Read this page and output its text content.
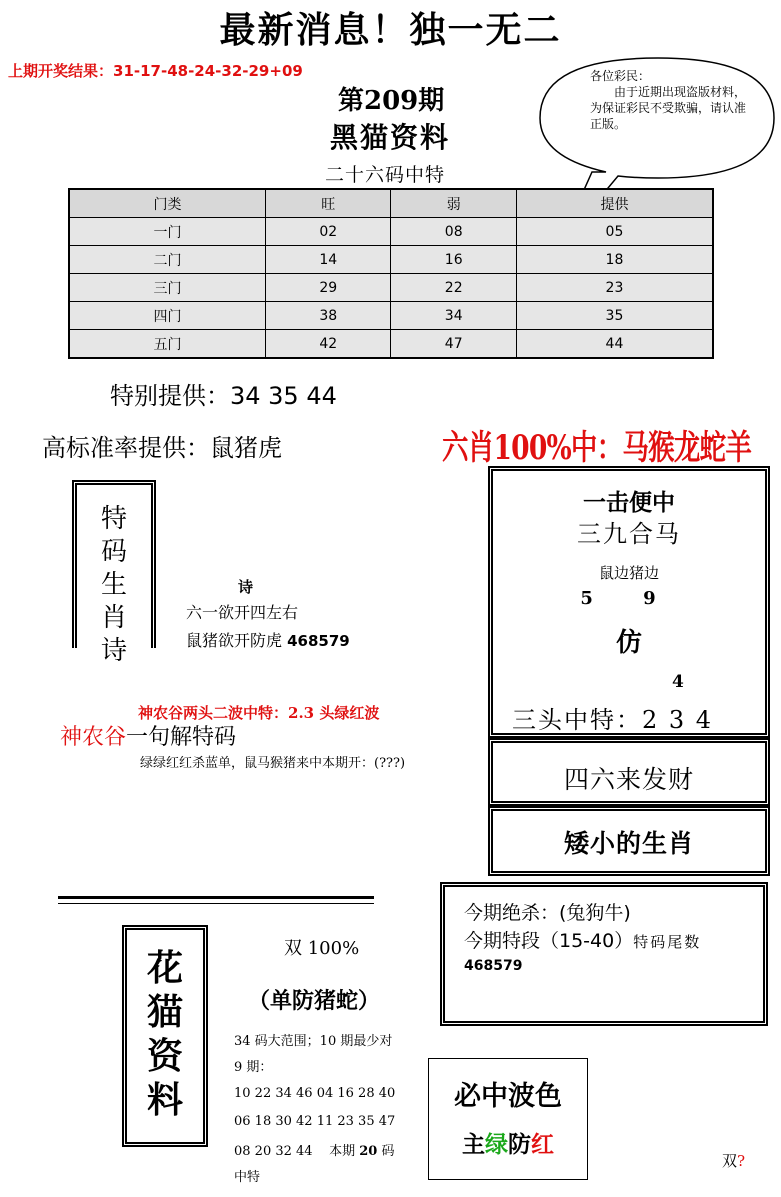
最新消息！独一无二
上期开奖结果：31-17-48-24-32-29+09
第209期
黑猫资料
二十六码中特
各位彩民：
由于近期出现盗版材料，为保证彩民不受欺骗，请认准正版。
门类	旺	弱	提供
一门	02	08	05
二门	14	16	18
三门	29	22	23
四门	38	34	35
五门	42	47	44
特别提供：34 35 44
高标准率提供：鼠猪虎	六肖100%中：马猴龙蛇羊
特
码
生
肖
诗
诗
六一欲开四左右
鼠猪欲开防虎 468579
一击便中
三九合马
鼠边猪边
5 9
仿
4
三头中特：2 3 4
四六来发财
矮小的生肖
神农谷两头二波中特：2.3 头绿红波
神农谷一句解特码
绿绿红红杀蓝单，鼠马猴猪来中本期开：(???)
今期绝杀：(兔狗牛)
今期特段（15-40）特码尾数
468579
花
猫
资
料
双 100%
（单防猪蛇）
34 码大范围；10 期最少对
9 期：
10 22 34 46 04 16 28 40
06 18 30 42 11 23 35 47
08 20 32 44    本期 20 码
中特
必中波色
主绿防红
双?
